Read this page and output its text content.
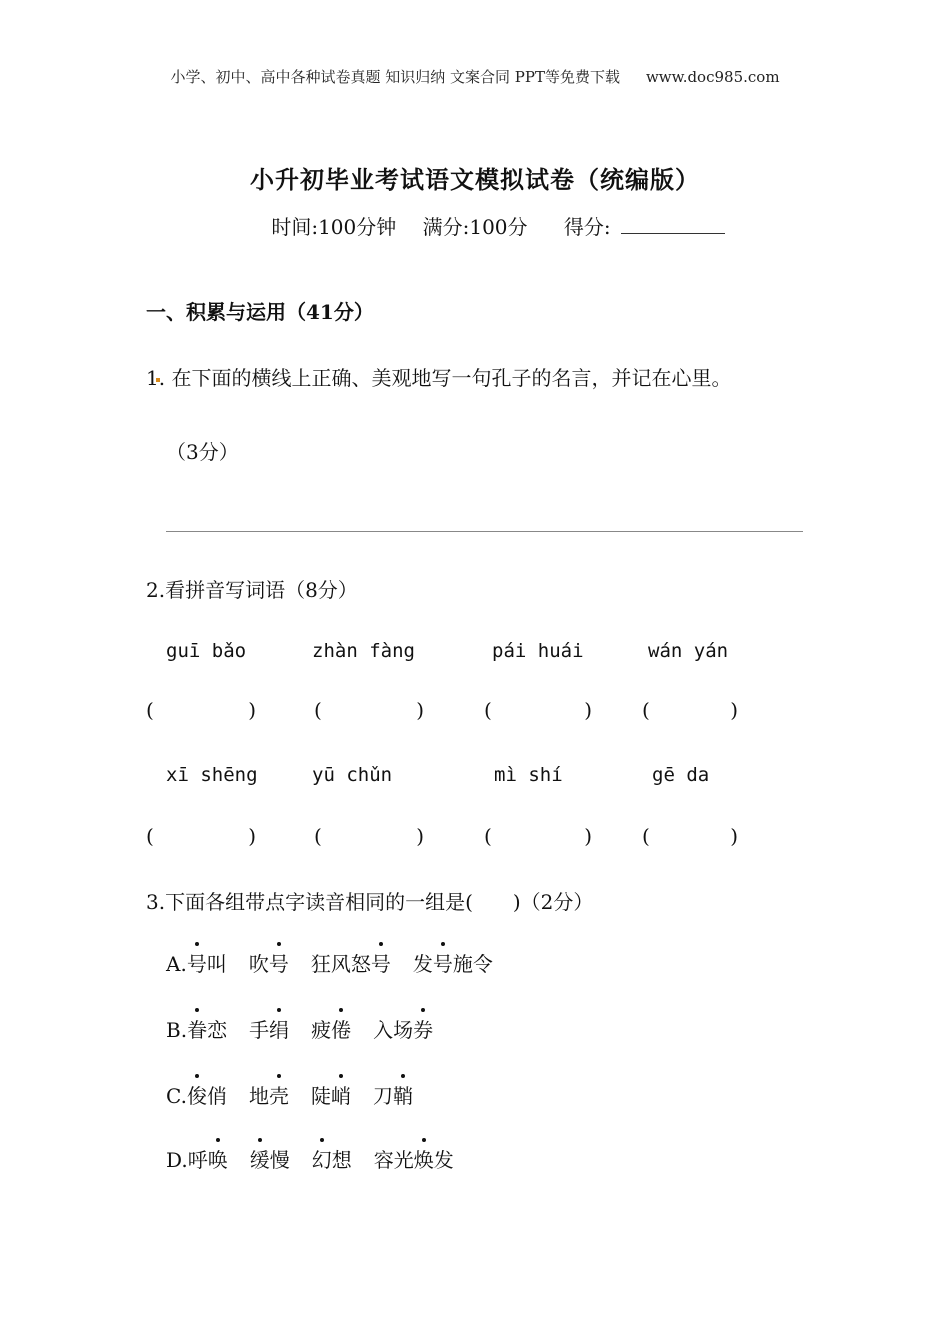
小学、初中、高中各种试卷真题 知识归纳 文案合同 PPT等免费下载 www.doc985.com
小升初毕业考试语文模拟试卷（统编版）
时间:100分钟 满分:100分 得分:
一、积累与运用（41分）
1. 在下面的横线上正确、美观地写一句孔子的名言，并记在心里。
（3分）
2.看拼音写词语（8分）
guī bǎo	zhàn fàng	pái huái	wán yán
(	)	(	)	(	)	(	)
xī shēng	yū chǔn	mì shí	gē da
(	)	(	)	(	)	(	)
3.下面各组带点字读音相同的一组是(　　)（2分）
A.号叫 吹号 狂风怒号 发号施令
B.眷恋 手绢 疲倦 入场券
C.俊俏 地壳 陡峭 刀鞘
D.呼唤 缓慢 幻想 容光焕发
